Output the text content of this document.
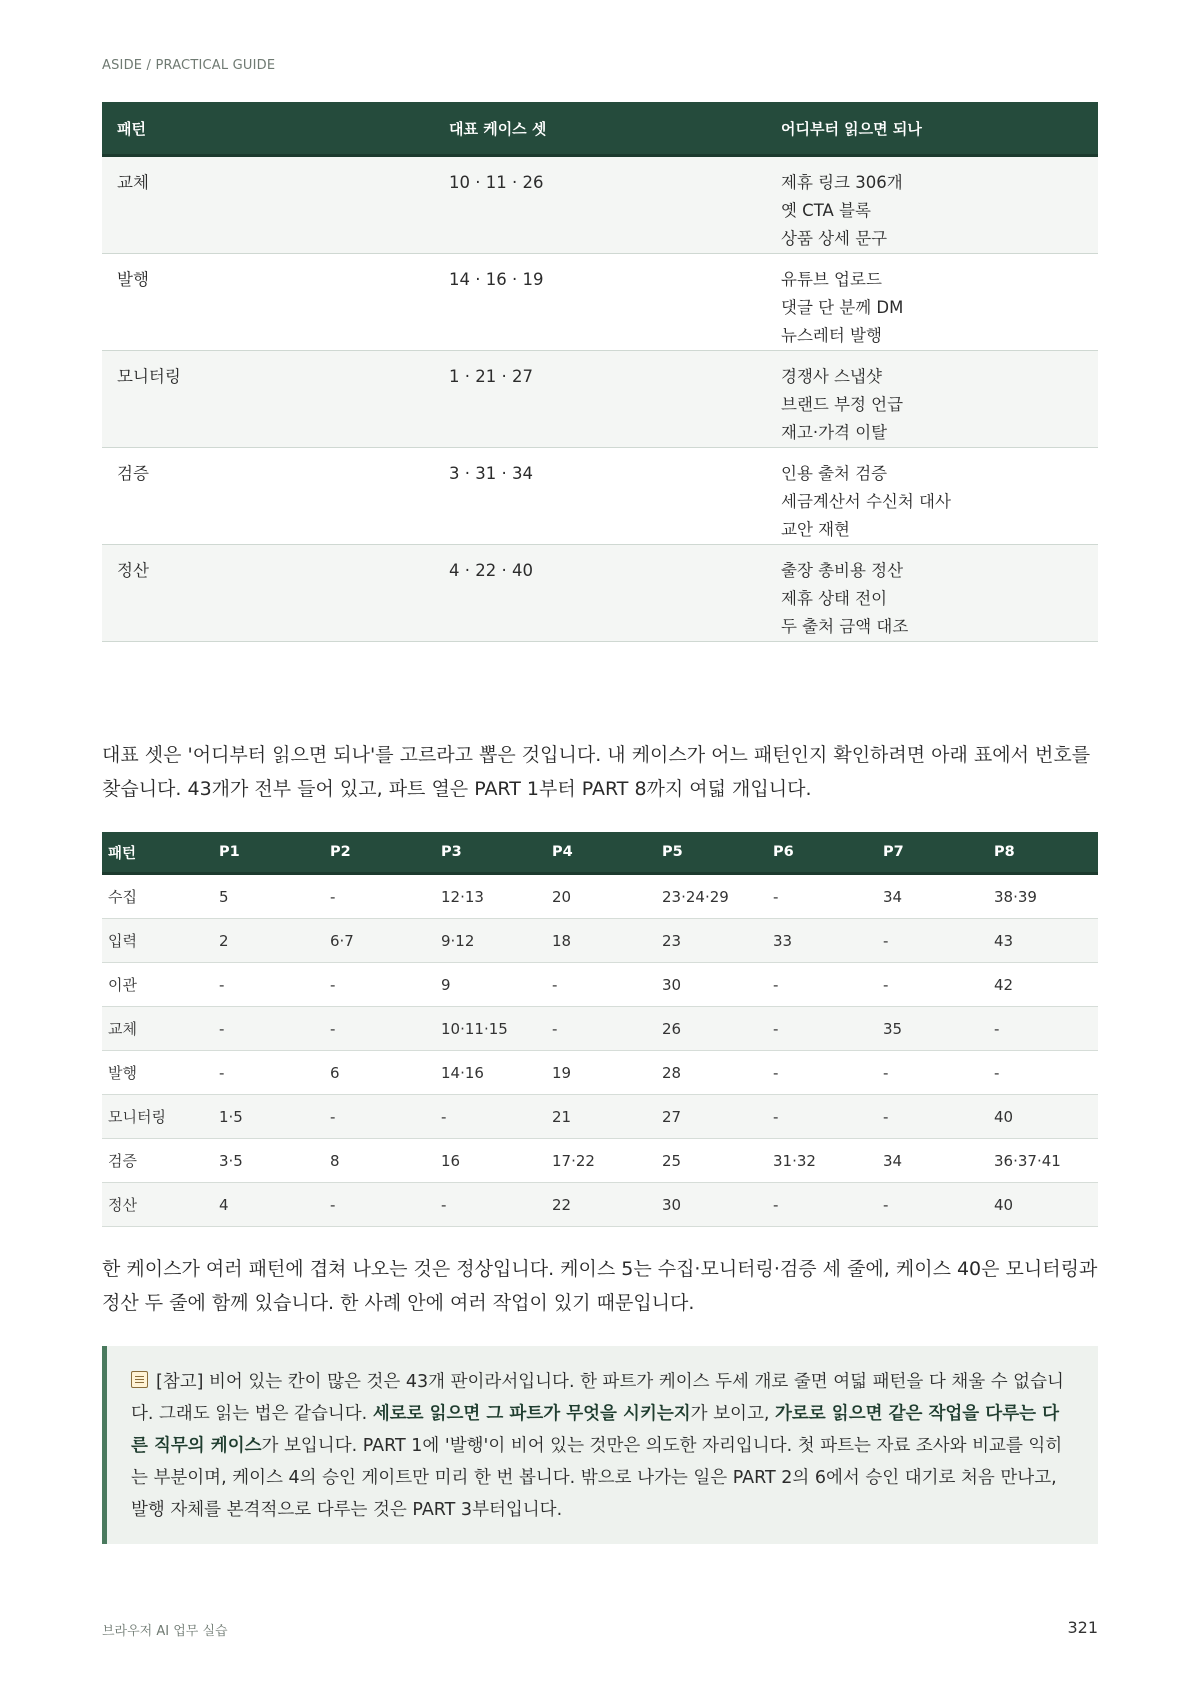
ASIDE / PRACTICAL GUIDE
패턴	대표 케이스 셋	어디부터 읽으면 되나
교체	10 · 11 · 26	제휴 링크 306개
옛 CTA 블록
상품 상세 문구

발행	14 · 16 · 19	유튜브 업로드
댓글 단 분께 DM
뉴스레터 발행

모니터링	1 · 21 · 27	경쟁사 스냅샷
브랜드 부정 언급
재고·가격 이탈

검증	3 · 31 · 34	인용 출처 검증
세금계산서 수신처 대사
교안 재현

정산	4 · 22 · 40	출장 총비용 정산
제휴 상태 전이
두 출처 금액 대조
대표 셋은 '어디부터 읽으면 되나'를 고르라고 뽑은 것입니다. 내 케이스가 어느 패턴인지 확인하려면 아래 표에서 번호를 찾습니다. 43개가 전부 들어 있고, 파트 열은 PART 1부터 PART 8까지 여덟 개입니다.
패턴	P1	P2	P3	P4	P5	P6	P7	P8
수집	5	-	12·13	20	23·24·29	-	34	38·39
입력	2	6·7	9·12	18	23	33	-	43
이관	-	-	9	-	30	-	-	42
교체	-	-	10·11·15	-	26	-	35	-
발행	-	6	14·16	19	28	-	-	-
모니터링	1·5	-	-	21	27	-	-	40
검증	3·5	8	16	17·22	25	31·32	34	36·37·41
정산	4	-	-	22	30	-	-	40
한 케이스가 여러 패턴에 겹쳐 나오는 것은 정상입니다. 케이스 5는 수집·모니터링·검증 세 줄에, 케이스 40은 모니터링과 정산 두 줄에 함께 있습니다. 한 사례 안에 여러 작업이 있기 때문입니다.
[참고] 비어 있는 칸이 많은 것은 43개 판이라서입니다. 한 파트가 케이스 두세 개로 줄면 여덟 패턴을 다 채울 수 없습니다. 그래도 읽는 법은 같습니다. 세로로 읽으면 그 파트가 무엇을 시키는지가 보이고, 가로로 읽으면 같은 작업을 다루는 다른 직무의 케이스가 보입니다. PART 1에 '발행'이 비어 있는 것만은 의도한 자리입니다. 첫 파트는 자료 조사와 비교를 익히는 부분이며, 케이스 4의 승인 게이트만 미리 한 번 봅니다. 밖으로 나가는 일은 PART 2의 6에서 승인 대기로 처음 만나고, 발행 자체를 본격적으로 다루는 것은 PART 3부터입니다.
브라우저 AI 업무 실습	321
